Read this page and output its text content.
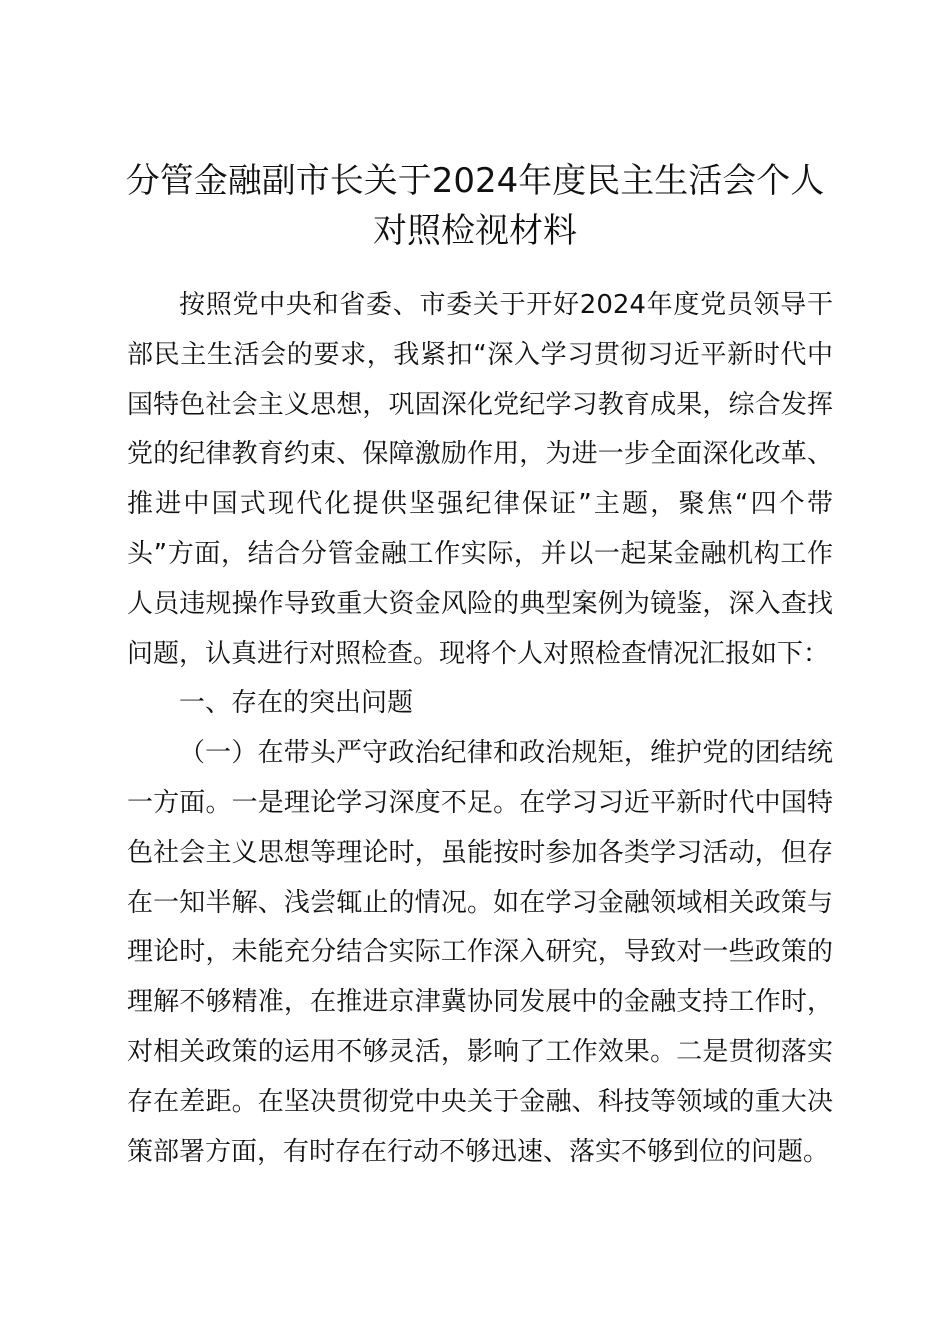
分管金融副市长关于2024年度民主生活会个人对照检视材料

按照党中央和省委、市委关于开好2024年度党员领导干部民主生活会的要求，我紧扣“深入学习贯彻习近平新时代中国特色社会主义思想，巩固深化党纪学习教育成果，综合发挥党的纪律教育约束、保障激励作用，为进一步全面深化改革、推进中国式现代化提供坚强纪律保证”主题，聚焦“四个带头”方面，结合分管金融工作实际，并以一起某金融机构工作人员违规操作导致重大资金风险的典型案例为镜鉴，深入查找问题，认真进行对照检查。现将个人对照检查情况汇报如下：

一、存在的突出问题

（一）在带头严守政治纪律和政治规矩，维护党的团结统一方面。一是理论学习深度不足。在学习习近平新时代中国特色社会主义思想等理论时，虽能按时参加各类学习活动，但存在一知半解、浅尝辄止的情况。如在学习金融领域相关政策与理论时，未能充分结合实际工作深入研究，导致对一些政策的理解不够精准，在推进京津冀协同发展中的金融支持工作时，对相关政策的运用不够灵活，影响了工作效果。二是贯彻落实存在差距。在坚决贯彻党中央关于金融、科技等领域的重大决策部署方面，有时存在行动不够迅速、落实不够到位的问题。
